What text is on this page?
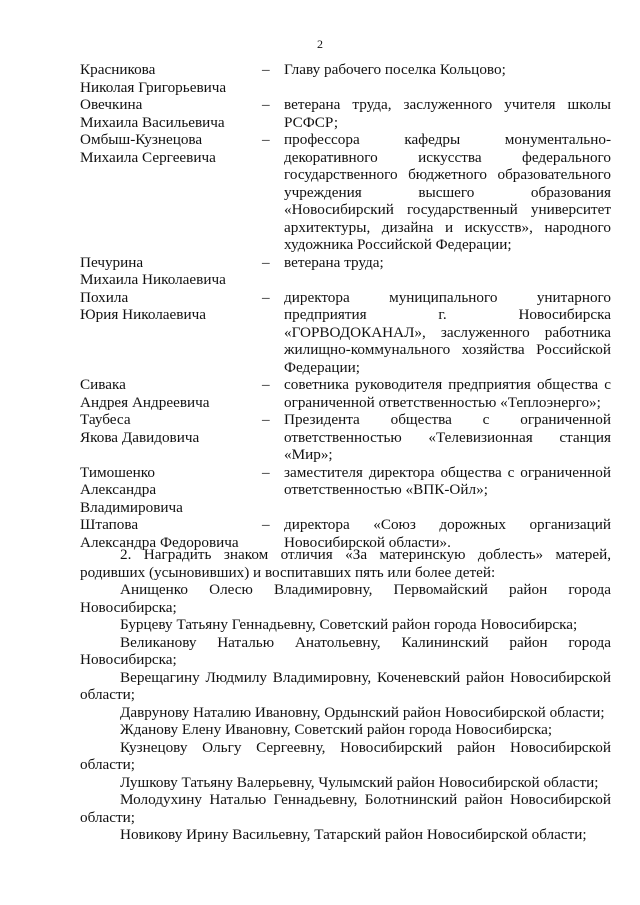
2
Красникова
Николая Григорьевича
– Главу рабочего поселка Кольцово;
Овечкина
Михаила Васильевича
– ветерана труда, заслуженного учителя школы РСФСР;
Омбыш-Кузнецова
Михаила Сергеевича
– профессора кафедры монументально-декоративного искусства федерального государственного бюджетного образовательного учреждения высшего образования «Новосибирский государственный университет архитектуры, дизайна и искусств», народного художника Российской Федерации;
Печурина
Михаила Николаевича
– ветерана труда;
Похила
Юрия Николаевича
– директора муниципального унитарного предприятия г. Новосибирска «ГОРВОДОКАНАЛ», заслуженного работника жилищно-коммунального хозяйства Российской Федерации;
Сивака
Андрея Андреевича
– советника руководителя предприятия общества с ограниченной ответственностью «Теплоэнерго»;
Таубеса
Якова Давидовича
– Президента общества с ограниченной ответственностью «Телевизионная станция «Мир»;
Тимошенко
Александра Владимировича
– заместителя директора общества с ограниченной ответственностью «ВПК-Ойл»;
Штапова
Александра Федоровича
– директора «Союз дорожных организаций Новосибирской области».

2. Наградить знаком отличия «За материнскую доблесть» матерей, родивших (усыновивших) и воспитавших пять или более детей:

Анищенко Олесю Владимировну, Первомайский район города Новосибирска;

Бурцеву Татьяну Геннадьевну, Советский район города Новосибирска;

Великанову Наталью Анатольевну, Калининский район города Новосибирска;

Верещагину Людмилу Владимировну, Коченевский район Новосибирской области;

Даврунову Наталию Ивановну, Ордынский район Новосибирской области;

Жданову Елену Ивановну, Советский район города Новосибирска;

Кузнецову Ольгу Сергеевну, Новосибирский район Новосибирской области;

Лушкову Татьяну Валерьевну, Чулымский район Новосибирской области;

Молодухину Наталью Геннадьевну, Болотнинский район Новосибирской области;

Новикову Ирину Васильевну, Татарский район Новосибирской области;
